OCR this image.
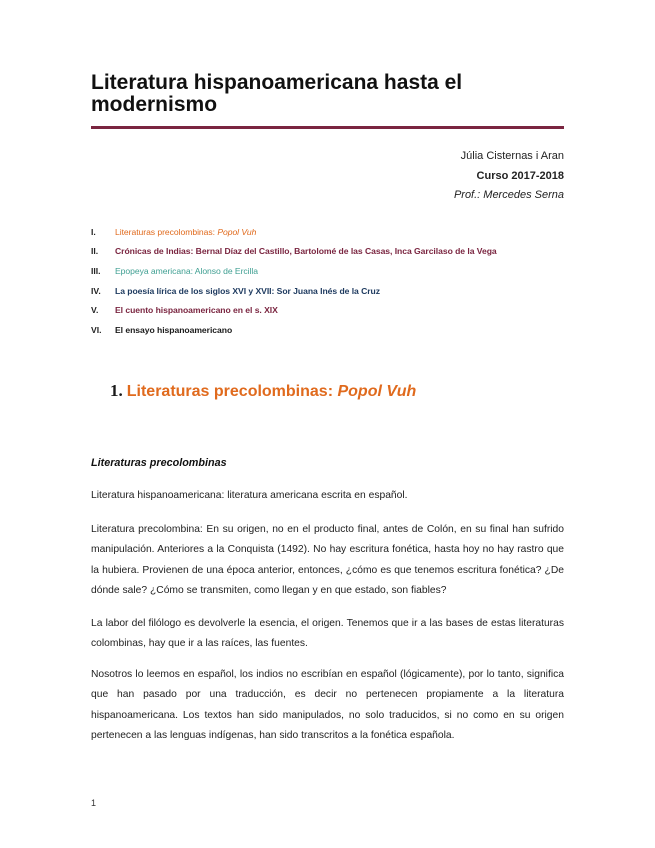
Literatura hispanoamericana hasta el modernismo
Júlia Cisternas i Aran
Curso 2017-2018
Prof.: Mercedes Serna
I.	Literaturas precolombinas: Popol Vuh
II.	Crónicas de Indias: Bernal Díaz del Castillo, Bartolomé de las Casas, Inca Garcilaso de la Vega
III.	Epopeya americana: Alonso de Ercilla
IV.	La poesía lírica de los siglos XVI y XVII: Sor Juana Inés de la Cruz
V.	El cuento hispanoamericano en el s. XIX
VI.	El ensayo hispanoamericano
1. Literaturas precolombinas:
Popol Vuh
Literaturas precolombinas

Literatura hispanoamericana: literatura americana escrita en español.

Literatura precolombina: En su origen, no en el producto final, antes de Colón, en su final han sufrido manipulación. Anteriores a la Conquista (1492). No hay escritura fonética, hasta hoy no hay rastro que la hubiera. Provienen de una época anterior, entonces, ¿cómo es que tenemos escritura fonética? ¿De dónde sale? ¿Cómo se transmiten, como llegan y en que estado, son fiables?

La labor del filólogo es devolverle la esencia, el origen. Tenemos que ir a las bases de estas literaturas colombinas, hay que ir a las raíces, las fuentes.

Nosotros lo leemos en español, los indios no escribían en español (lógicamente), por lo tanto, significa que han pasado por una traducción, es decir no pertenecen propiamente a la literatura hispanoamericana. Los textos han sido manipulados, no solo traducidos, si no como en su origen pertenecen a las lenguas indígenas, han sido transcritos a la fonética española.

1
